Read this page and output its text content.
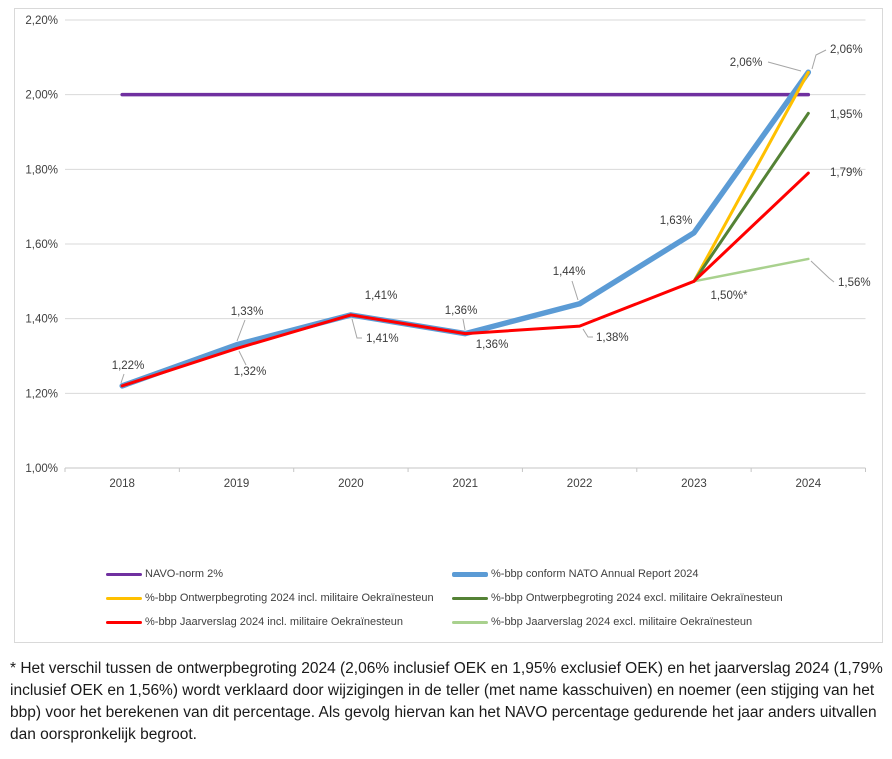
2,20%
2,00%
1,80%
1,60%
1,40%
1,20%
1,00%
2018	2019	2020	2021	2022	2023	2024
1,22%
1,33%
1,32%
1,41%
1,41%
1,36%
1,36%
1,44%
1,38%
1,63%
1,50%*
2,06%
2,06%
1,95%
1,79%
1,56%
NAVO-norm 2%	%-bbp conform NATO Annual Report 2024
%-bbp Ontwerpbegroting 2024 incl. militaire Oekraïnesteun	%-bbp Ontwerpbegroting 2024 excl. militaire Oekraïnesteun
%-bbp Jaarverslag 2024 incl. militaire Oekraïnesteun	%-bbp Jaarverslag 2024 excl. militaire Oekraïnesteun
* Het verschil tussen de ontwerpbegroting 2024 (2,06% inclusief OEK en 1,95% exclusief OEK) en het jaarverslag 2024 (1,79% inclusief OEK en 1,56%) wordt verklaard door wijzigingen in de teller (met name kasschuiven) en noemer (een stijging van het bbp) voor het berekenen van dit percentage. Als gevolg hiervan kan het NAVO percentage gedurende het jaar anders uitvallen dan oorspronkelijk begroot.
